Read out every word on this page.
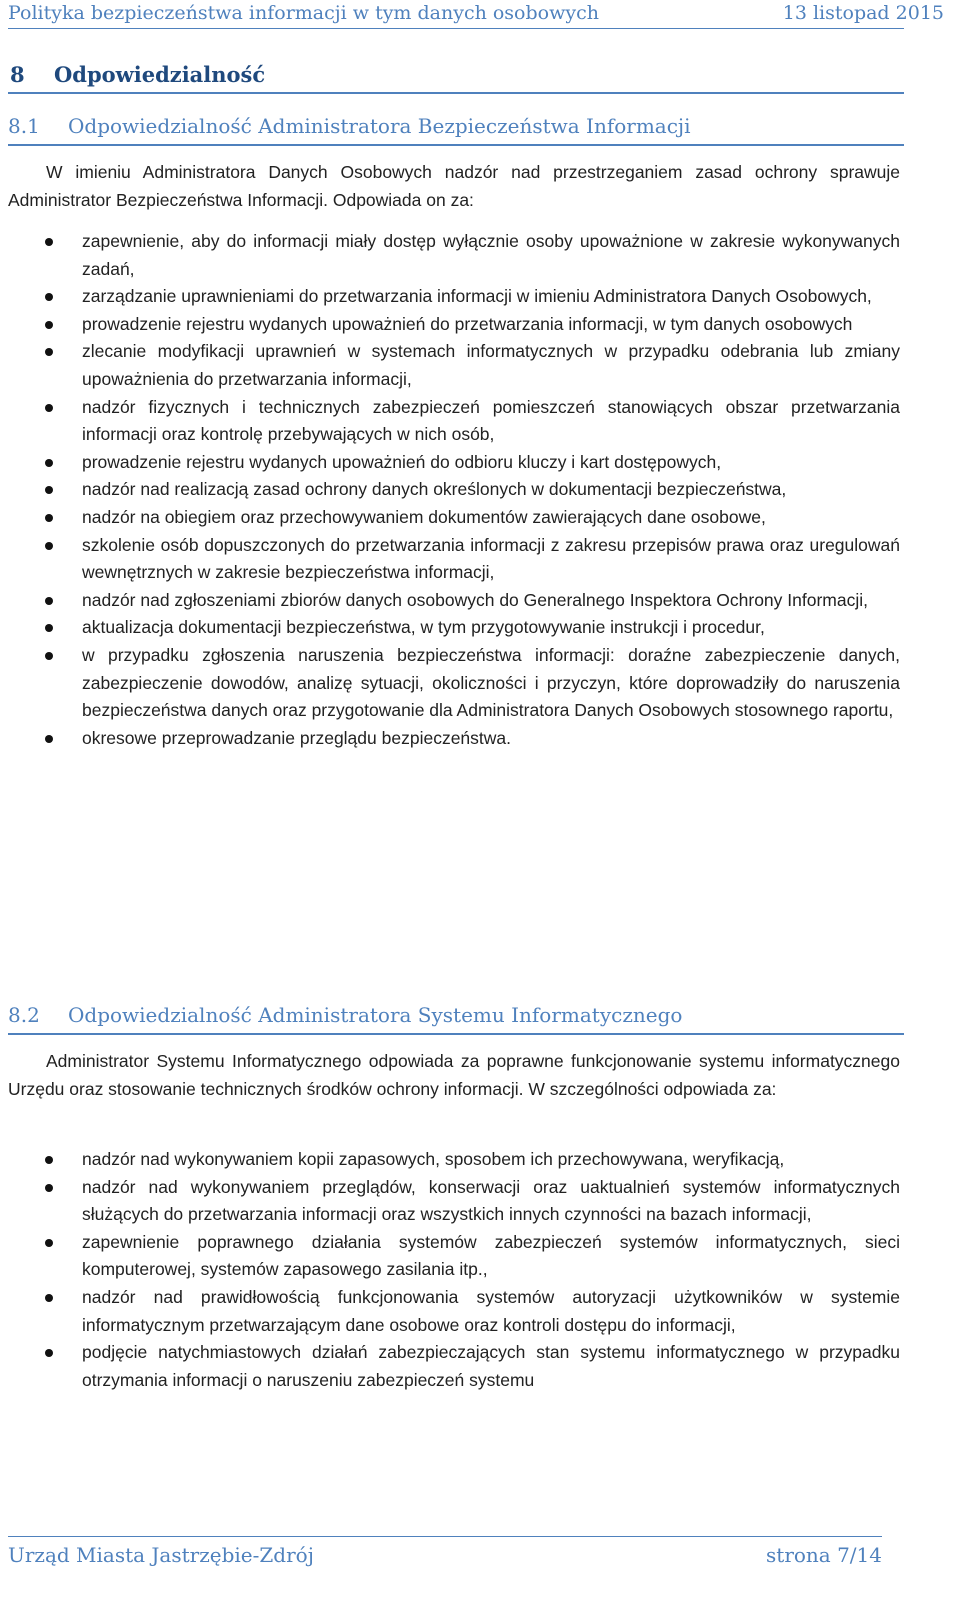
Polityka bezpieczeństwa informacji w tym danych osobowych	13 listopad 2015
8 Odpowiedzialność
8.1 Odpowiedzialność Administratora Bezpieczeństwa Informacji
W imieniu Administratora Danych Osobowych nadzór nad przestrzeganiem zasad ochrony sprawuje Administrator Bezpieczeństwa Informacji. Odpowiada on za:
zapewnienie, aby do informacji miały dostęp wyłącznie osoby upoważnione w zakresie wykonywanych zadań,
zarządzanie uprawnieniami do przetwarzania informacji w imieniu Administratora Danych Osobowych,
prowadzenie rejestru wydanych upoważnień do przetwarzania informacji, w tym danych osobowych
zlecanie modyfikacji uprawnień w systemach informatycznych w przypadku odebrania lub zmiany upoważnienia do przetwarzania informacji,
nadzór fizycznych i technicznych zabezpieczeń pomieszczeń stanowiących obszar przetwarzania informacji oraz kontrolę przebywających w nich osób,
prowadzenie rejestru wydanych upoważnień do odbioru kluczy i kart dostępowych,
nadzór nad realizacją zasad ochrony danych określonych w dokumentacji bezpieczeństwa,
nadzór na obiegiem oraz przechowywaniem dokumentów zawierających dane osobowe,
szkolenie osób dopuszczonych do przetwarzania informacji z zakresu przepisów prawa oraz uregulowań wewnętrznych w zakresie bezpieczeństwa informacji,
nadzór nad zgłoszeniami zbiorów danych osobowych do Generalnego Inspektora Ochrony Informacji,
aktualizacja dokumentacji bezpieczeństwa, w tym przygotowywanie instrukcji i procedur,
w przypadku zgłoszenia naruszenia bezpieczeństwa informacji: doraźne zabezpieczenie danych, zabezpieczenie dowodów, analizę sytuacji, okoliczności i przyczyn, które doprowadziły do naruszenia bezpieczeństwa danych oraz przygotowanie dla Administratora Danych Osobowych stosownego raportu,
okresowe przeprowadzanie przeglądu bezpieczeństwa.
8.2 Odpowiedzialność Administratora Systemu Informatycznego
Administrator Systemu Informatycznego odpowiada za poprawne funkcjonowanie systemu informatycznego Urzędu oraz stosowanie technicznych środków ochrony informacji. W szczególności odpowiada za:
nadzór nad wykonywaniem kopii zapasowych, sposobem ich przechowywana, weryfikacją,
nadzór nad wykonywaniem przeglądów, konserwacji oraz uaktualnień systemów informatycznych służących do przetwarzania informacji oraz wszystkich innych czynności na bazach informacji,
zapewnienie poprawnego działania systemów zabezpieczeń systemów informatycznych, sieci komputerowej, systemów zapasowego zasilania itp.,
nadzór nad prawidłowością funkcjonowania systemów autoryzacji użytkowników w systemie informatycznym przetwarzającym dane osobowe oraz kontroli dostępu do informacji,
podjęcie natychmiastowych działań zabezpieczających stan systemu informatycznego w przypadku otrzymania informacji o naruszeniu zabezpieczeń systemu
Urząd Miasta Jastrzębie-Zdrój	strona 7/14
